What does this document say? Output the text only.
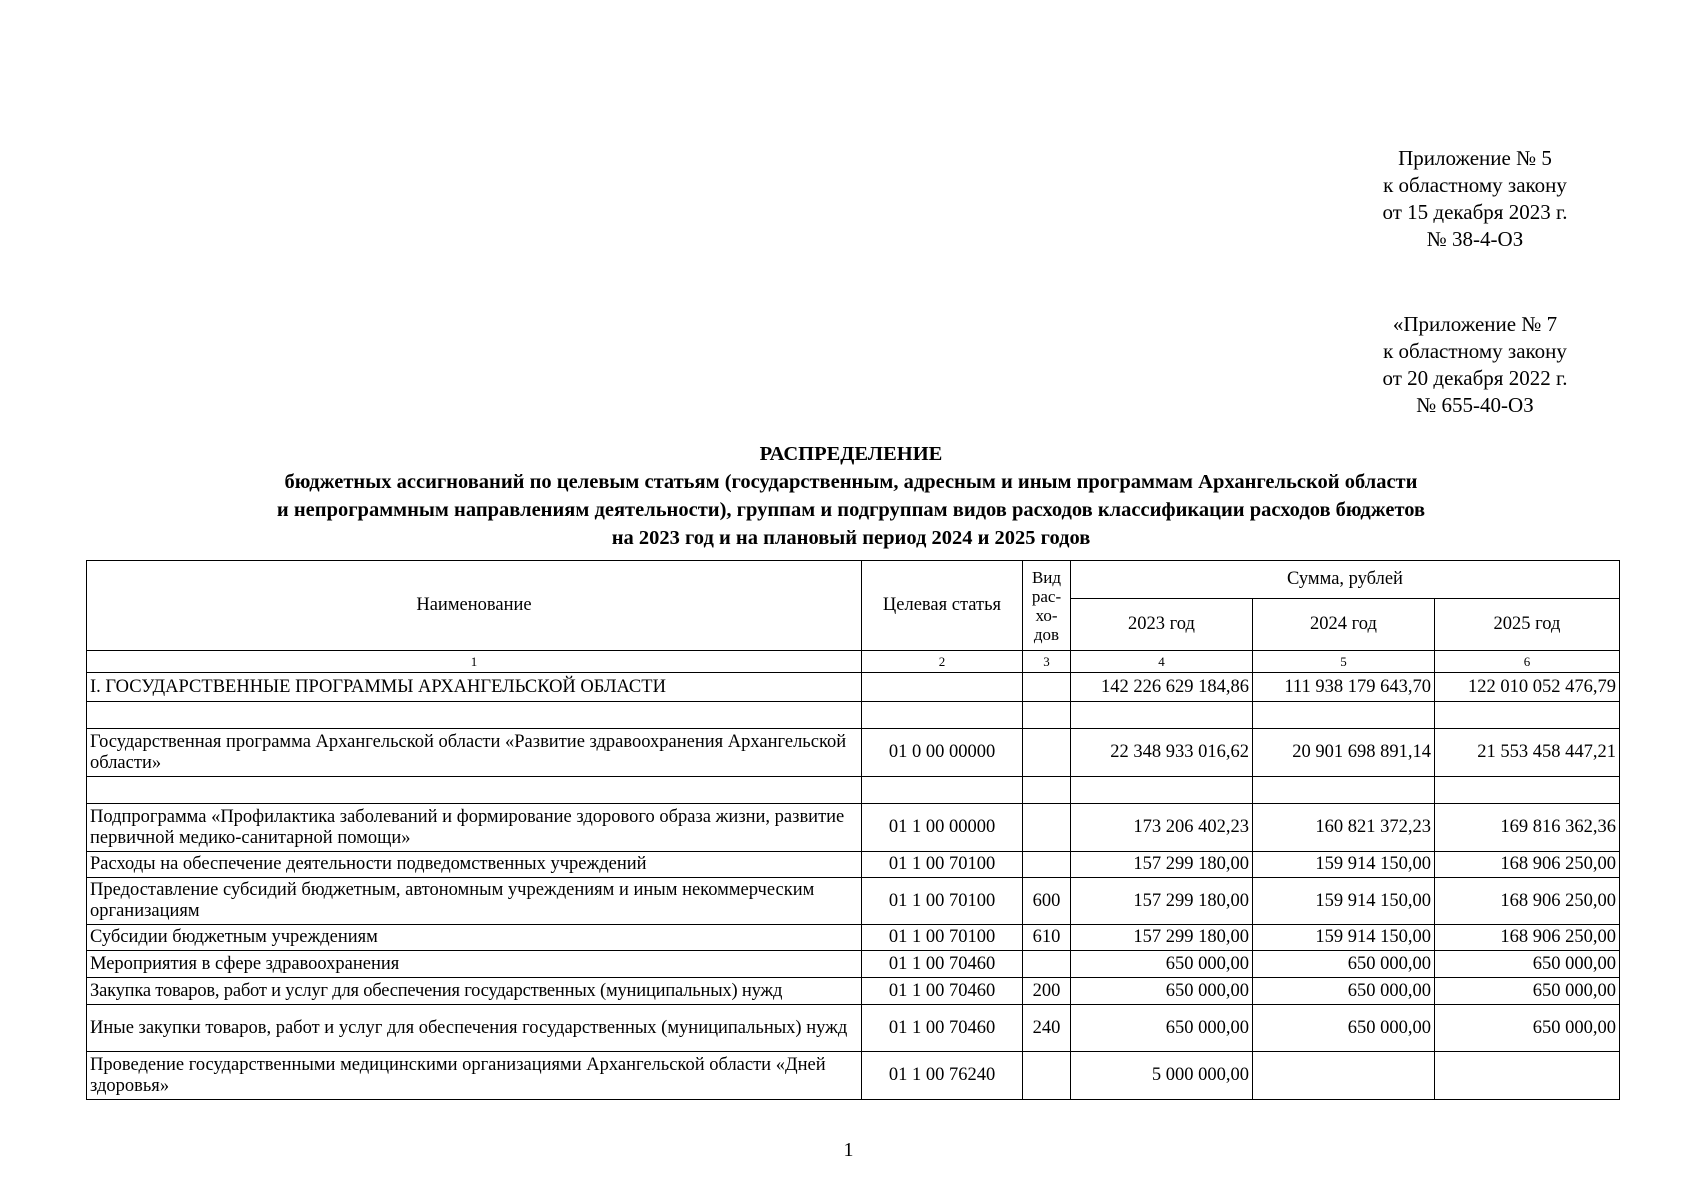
Приложение № 5
к областному закону
от 15 декабря 2023 г.
№ 38-4-ОЗ
«Приложение № 7
к областному закону
от 20 декабря 2022 г.
№ 655-40-ОЗ
РАСПРЕДЕЛЕНИЕ
бюджетных ассигнований по целевым статьям (государственным, адресным и иным программам Архангельской области
и непрограммным направлениям деятельности), группам и подгруппам видов расходов классификации расходов бюджетов
на 2023 год и на плановый период 2024 и 2025 годов
Наименование	Целевая статья	Вид рас- хо- дов	Сумма, рублей		
			2023 год	2024 год	2025 год
1	2	3	4	5	6
I. ГОСУДАРСТВЕННЫЕ ПРОГРАММЫ АРХАНГЕЛЬСКОЙ ОБЛАСТИ			142 226 629 184,86	111 938 179 643,70	122 010 052 476,79

Государственная программа Архангельской области «Развитие здравоохранения Архангельской области»	01 0 00 00000		22 348 933 016,62	20 901 698 891,14	21 553 458 447,21

Подпрограмма «Профилактика заболеваний и формирование здорового образа жизни, развитие первичной медико-санитарной помощи»	01 1 00 00000		173 206 402,23	160 821 372,23	169 816 362,36
Расходы на обеспечение деятельности подведомственных учреждений	01 1 00 70100		157 299 180,00	159 914 150,00	168 906 250,00
Предоставление субсидий бюджетным, автономным учреждениям и иным некоммерческим организациям	01 1 00 70100	600	157 299 180,00	159 914 150,00	168 906 250,00
Субсидии бюджетным учреждениям	01 1 00 70100	610	157 299 180,00	159 914 150,00	168 906 250,00
Мероприятия в сфере здравоохранения	01 1 00 70460		650 000,00	650 000,00	650 000,00
Закупка товаров, работ и услуг для обеспечения государственных (муниципальных) нужд	01 1 00 70460	200	650 000,00	650 000,00	650 000,00
Иные закупки товаров, работ и услуг для обеспечения государственных (муниципальных) нужд	01 1 00 70460	240	650 000,00	650 000,00	650 000,00
Проведение государственными медицинскими организациями Архангельской области «Дней здоровья»	01 1 00 76240		5 000 000,00		
1
